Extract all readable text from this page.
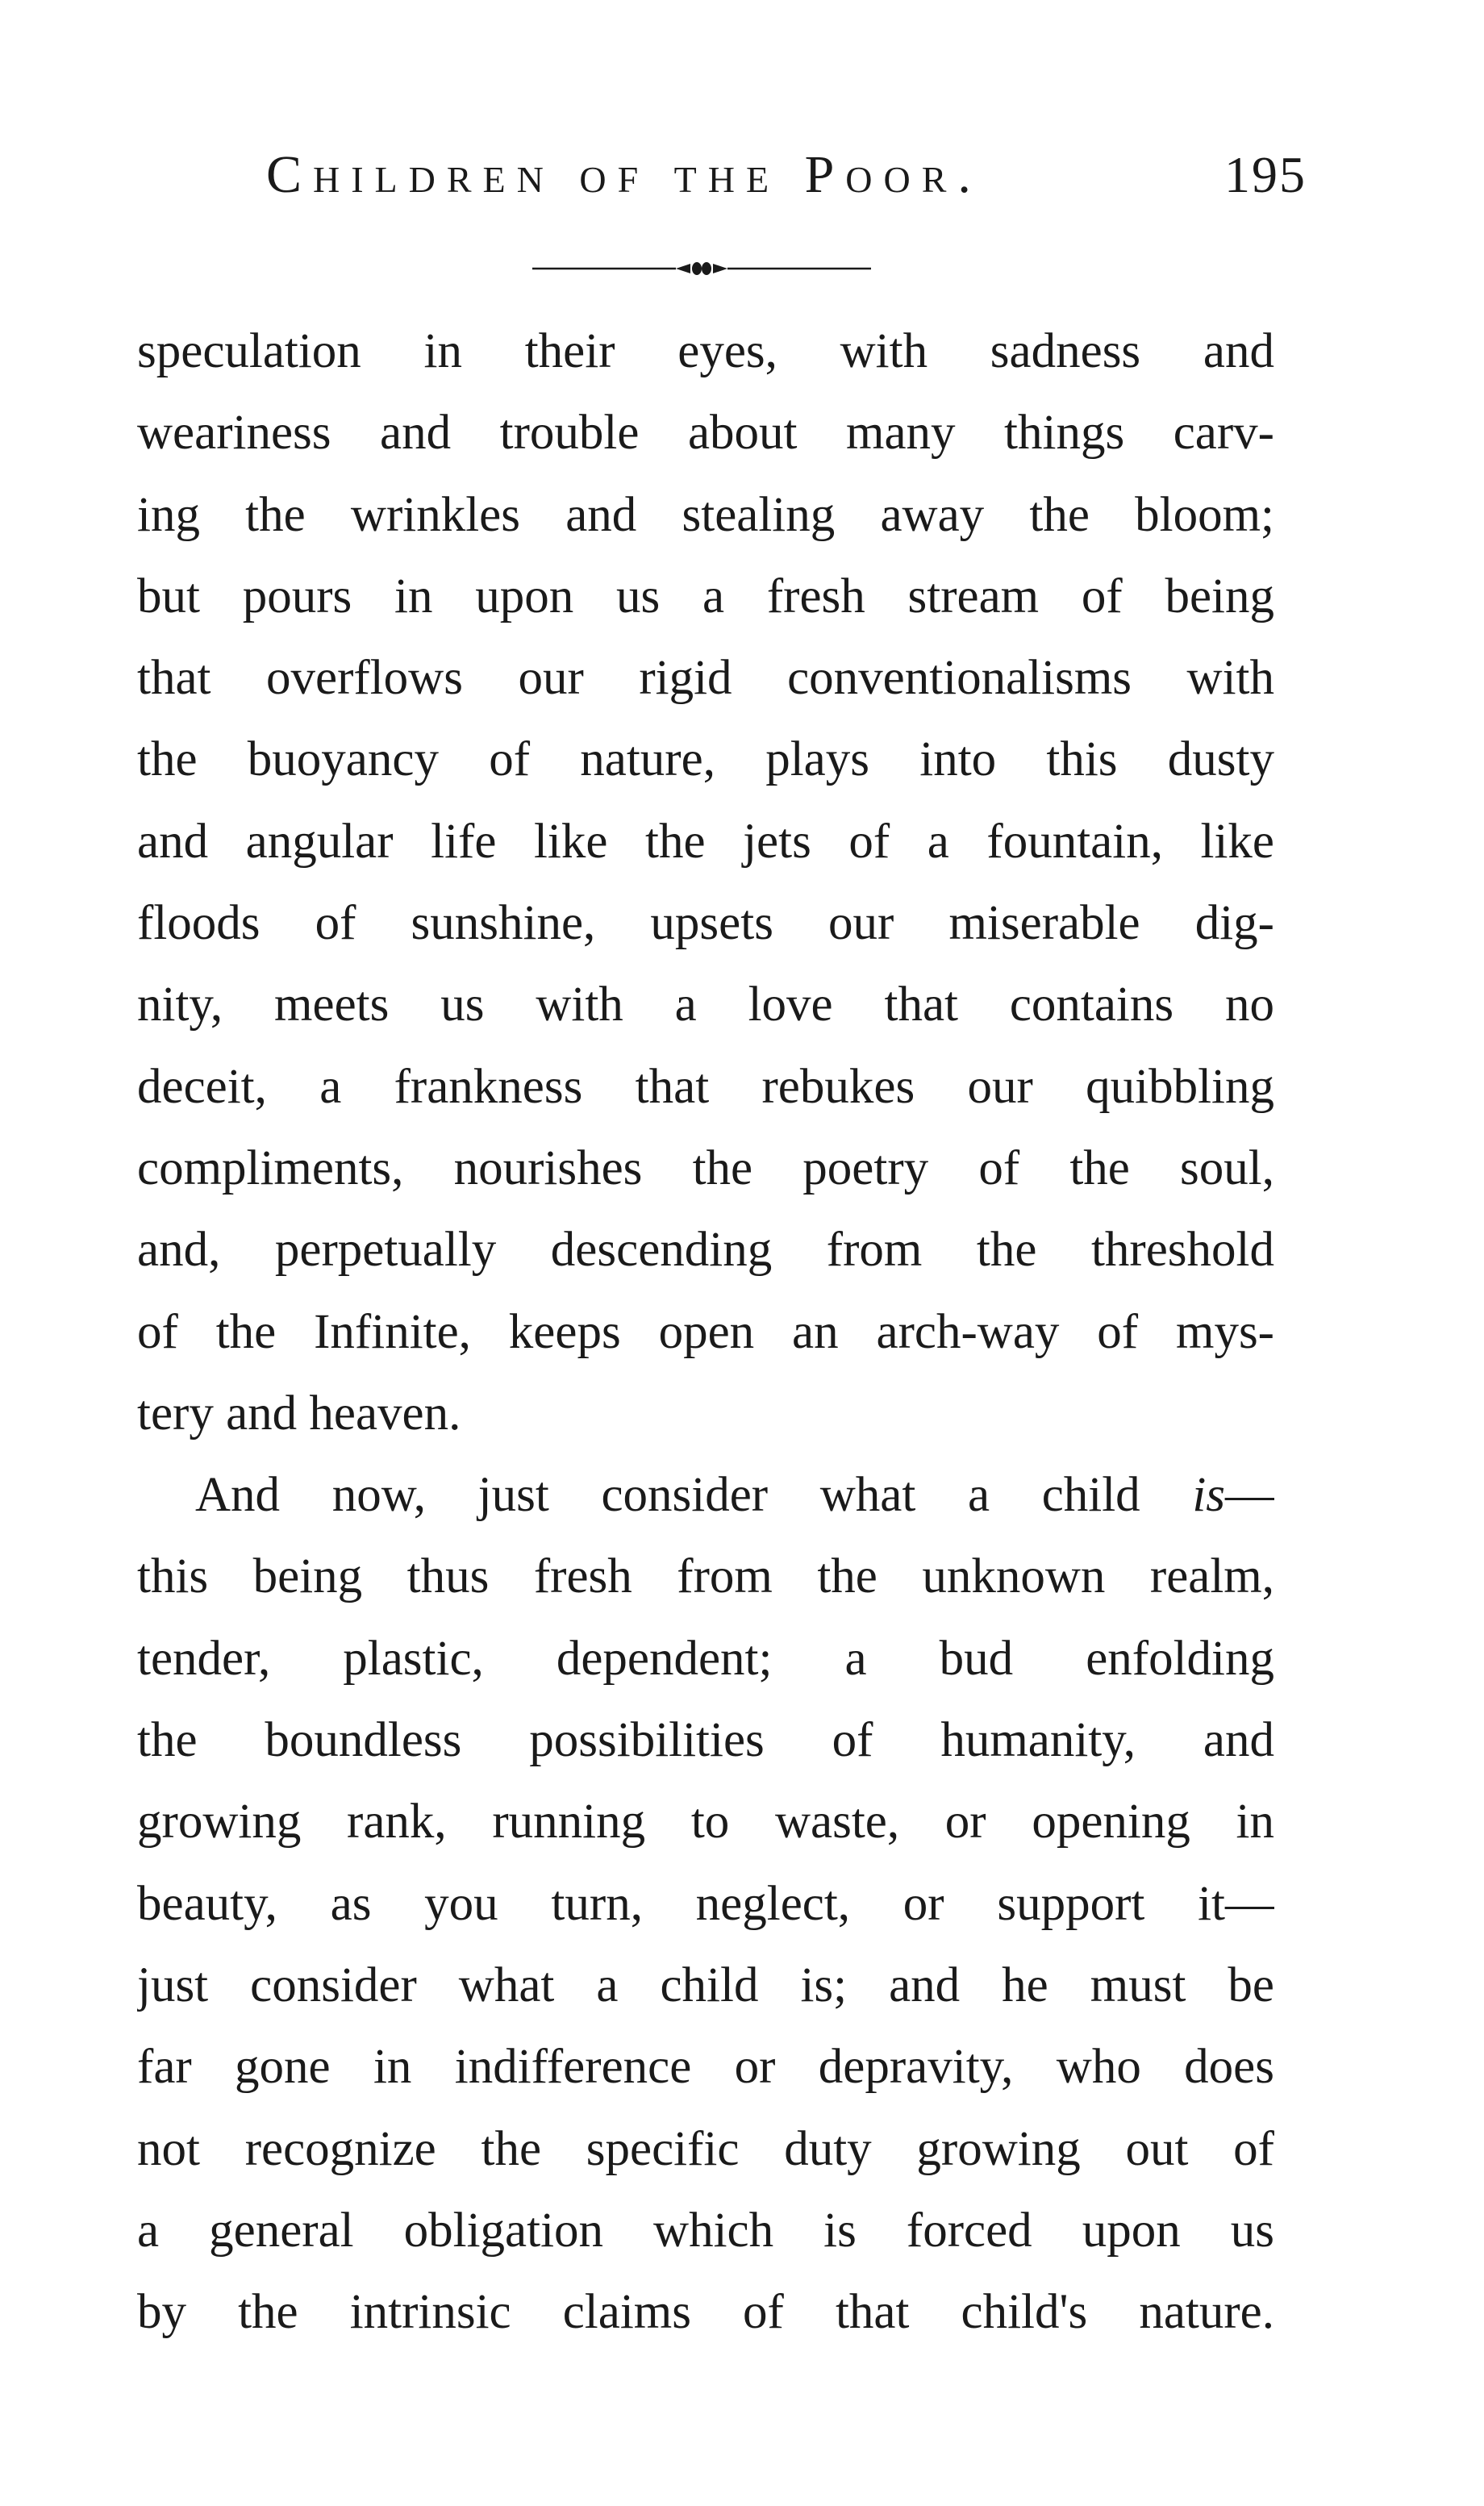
Children of the Poor.	195
speculation in their eyes, with sadness and
weariness and trouble about many things carv-
ing the wrinkles and stealing away the bloom;
but pours in upon us a fresh stream of being
that overflows our rigid conventionalisms with
the buoyancy of nature, plays into this dusty
and angular life like the jets of a fountain, like
floods of sunshine, upsets our miserable dig-
nity, meets us with a love that contains no
deceit, a frankness that rebukes our quibbling
compliments, nourishes the poetry of the soul,
and, perpetually descending from the threshold
of the Infinite, keeps open an arch-way of mys-
tery and heaven.
And now, just consider what a child is—
this being thus fresh from the unknown realm,
tender, plastic, dependent; a bud enfolding
the boundless possibilities of humanity, and
growing rank, running to waste, or opening in
beauty, as you turn, neglect, or support it—
just consider what a child is; and he must be
far gone in indifference or depravity, who does
not recognize the specific duty growing out of
a general obligation which is forced upon us
by the intrinsic claims of that child's nature.
